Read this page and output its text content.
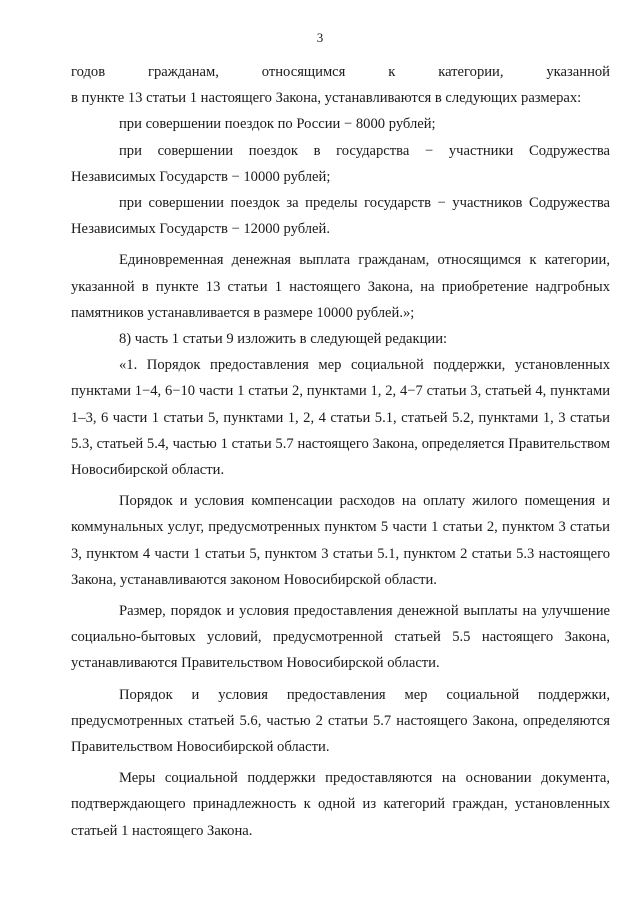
3

годов гражданам, относящимся к категории, указанной
в пункте 13 статьи 1 настоящего Закона, устанавливаются в следующих размерах:

при совершении поездок по России − 8000 рублей;

при совершении поездок в государства − участники Содружества Независимых Государств − 10000 рублей;

при совершении поездок за пределы государств − участников Содружества Независимых Государств − 12000 рублей.

Единовременная денежная выплата гражданам, относящимся к категории, указанной в пункте 13 статьи 1 настоящего Закона, на приобретение надгробных памятников устанавливается в размере 10000 рублей.»;

8) часть 1 статьи 9 изложить в следующей редакции:

«1. Порядок предоставления мер социальной поддержки, установленных пунктами 1−4, 6−10 части 1 статьи 2, пунктами 1, 2, 4−7 статьи 3, статьей 4, пунктами 1–3, 6 части 1 статьи 5, пунктами 1, 2, 4 статьи 5.1, статьей 5.2, пунктами 1, 3 статьи 5.3, статьей 5.4, частью 1 статьи 5.7 настоящего Закона, определяется Правительством Новосибирской области.

Порядок и условия компенсации расходов на оплату жилого помещения и коммунальных услуг, предусмотренных пунктом 5 части 1 статьи 2, пунктом 3 статьи 3, пунктом 4 части 1 статьи 5, пунктом 3 статьи 5.1, пунктом 2 статьи 5.3 настоящего Закона, устанавливаются законом Новосибирской области.

Размер, порядок и условия предоставления денежной выплаты на улучшение социально-бытовых условий, предусмотренной статьей 5.5 настоящего Закона, устанавливаются Правительством Новосибирской области.

Порядок и условия предоставления мер социальной поддержки, предусмотренных статьей 5.6, частью 2 статьи 5.7 настоящего Закона, определяются Правительством Новосибирской области.

Меры социальной поддержки предоставляются на основании документа, подтверждающего принадлежность к одной из категорий граждан, установленных статьей 1 настоящего Закона.
